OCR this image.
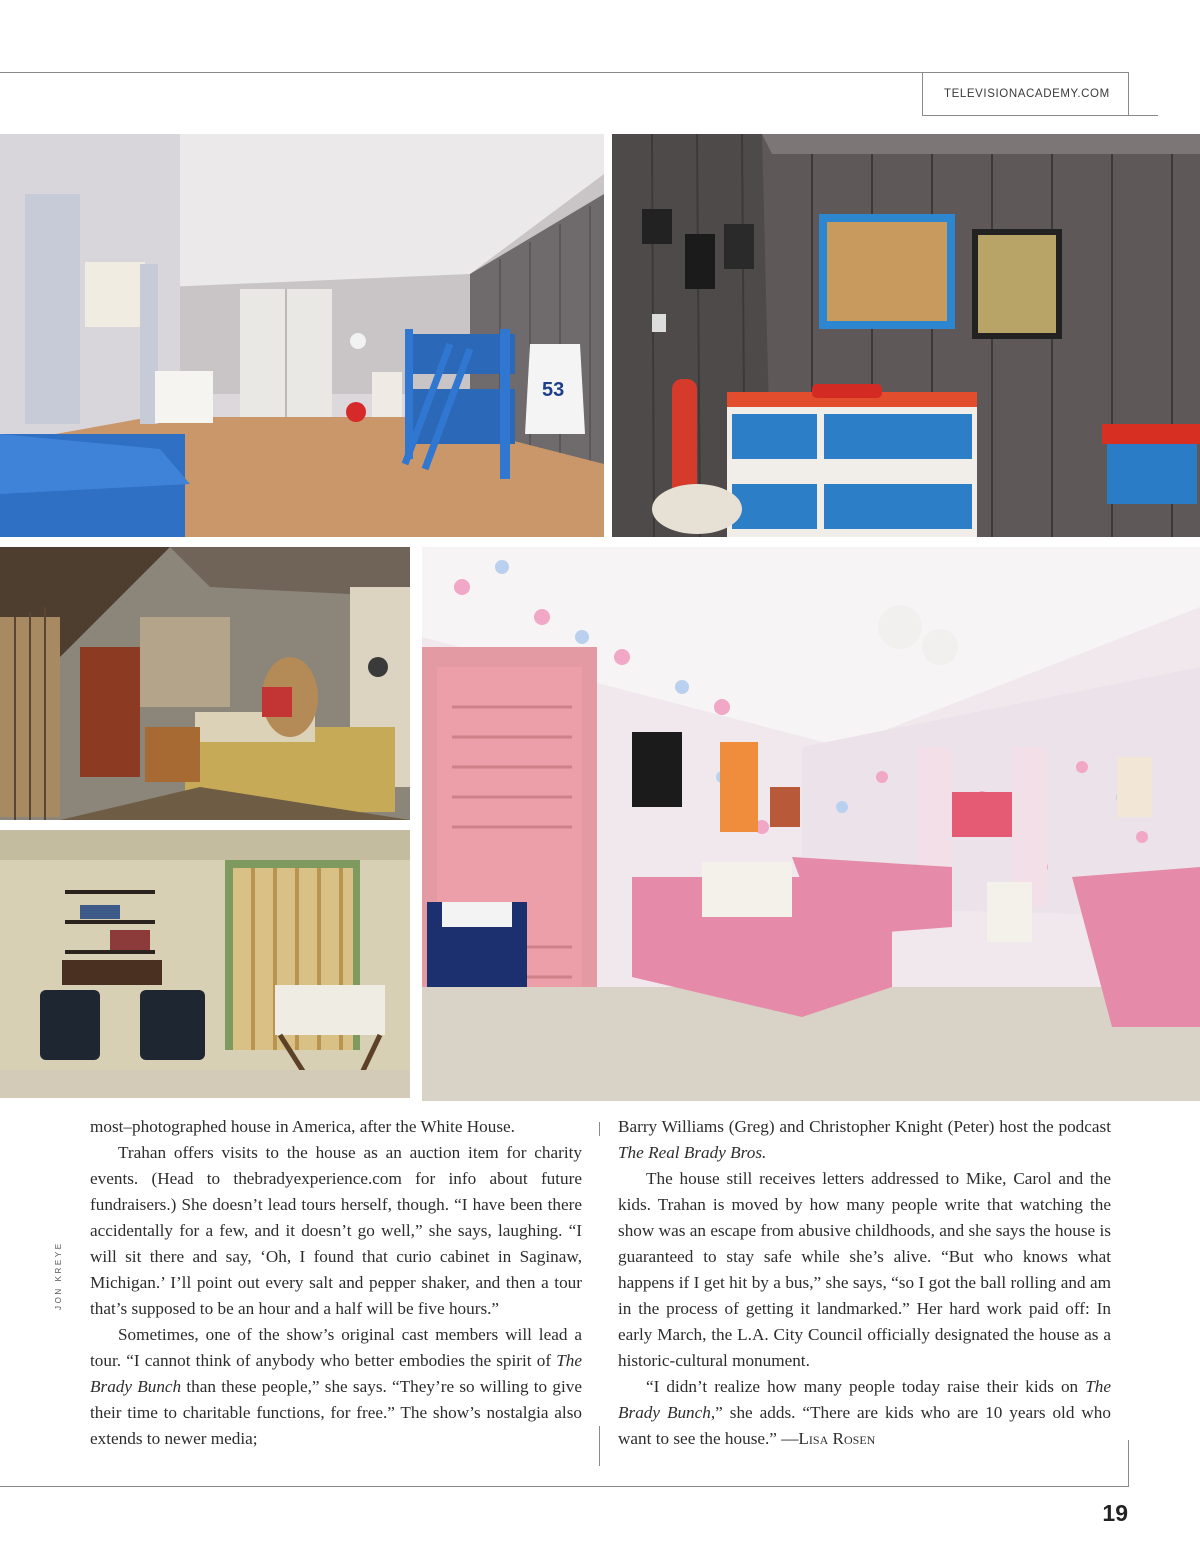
TELEVISIONACADEMY.COM
53
JON KREYE

most–photographed house in America, after the White House.

Trahan offers visits to the house as an auction item for charity events. (Head to thebradyexperience.com for info about future fundraisers.) She doesn’t lead tours herself, though. “I have been there accidentally for a few, and it doesn’t go well,” she says, laughing. “I will sit there and say, ‘Oh, I found that curio cabinet in Saginaw, Michigan.’ I’ll point out every salt and pepper shaker, and then a tour that’s supposed to be an hour and a half will be five hours.”

Sometimes, one of the show’s original cast members will lead a tour. “I cannot think of anybody who better embodies the spirit of The Brady Bunch than these people,” she says. “They’re so willing to give their time to charitable functions, for free.” The show’s nostalgia also extends to newer media;

Barry Williams (Greg) and Christopher Knight (Peter) host the podcast The Real Brady Bros.

The house still receives letters addressed to Mike, Carol and the kids. Trahan is moved by how many people write that watching the show was an escape from abusive childhoods, and she says the house is guaranteed to stay safe while she’s alive. “But who knows what happens if I get hit by a bus,” she says, “so I got the ball rolling and am in the process of getting it landmarked.” Her hard work paid off: In early March, the L.A. City Council officially designated the house as a historic-cultural monument.

“I didn’t realize how many people today raise their kids on The Brady Bunch,” she adds. “There are kids who are 10 years old who want to see the house.” —Lisa Rosen

19
